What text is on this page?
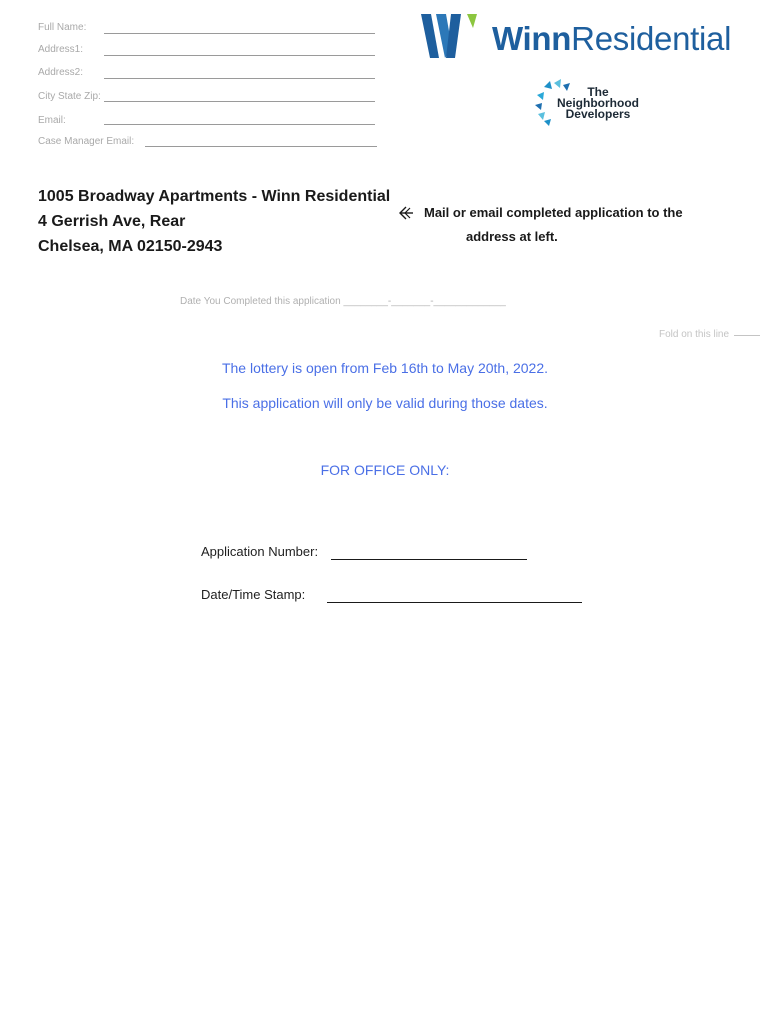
Full Name:
Address1:
Address2:
City State Zip:
Email:
Case Manager Email:
WinnResidential
The
Neighborhood
Developers
1005 Broadway Apartments - Winn Residential
4 Gerrish Ave, Rear
Chelsea, MA 02150-2943
Mail or email completed application to the
address at left.
Date You Completed this application ________-_______-_____________
Fold on this line
The lottery is open from Feb 16th to May 20th, 2022.
This application will only be valid during those dates.
FOR OFFICE ONLY:
Application Number:
Date/Time Stamp:
